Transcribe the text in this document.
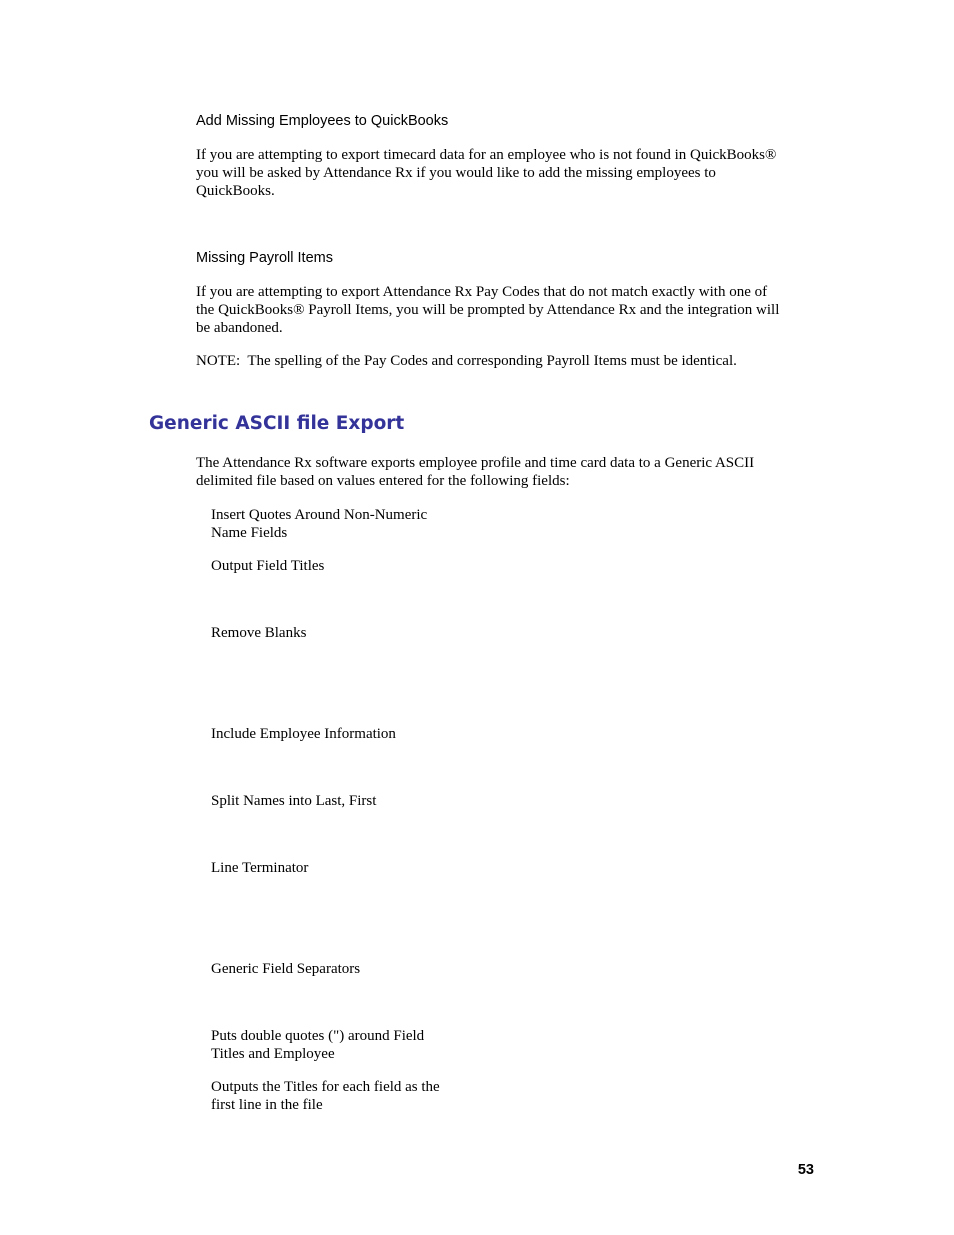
Add Missing Employees to QuickBooks

If you are attempting to export timecard data for an employee who is not found in QuickBooks®
you will be asked by Attendance Rx if you would like to add the missing employees to
QuickBooks.

Missing Payroll Items

If you are attempting to export Attendance Rx Pay Codes that do not match exactly with one of
the QuickBooks® Payroll Items, you will be prompted by Attendance Rx and the integration will
be abandoned.

NOTE:  The spelling of the Pay Codes and corresponding Payroll Items must be identical.

Generic ASCII file Export
The Attendance Rx software exports employee profile and time card data to a Generic ASCII
delimited file based on values entered for the following fields:
Insert Quotes Around Non-Numeric
Name Fields
Output Field Titles
Remove Blanks
Include Employee Information
Split Names into Last, First
Line Terminator
Generic Field Separators
Puts double quotes (") around Field
Titles and Employee
Outputs the Titles for each field as the
first line in the file

53
